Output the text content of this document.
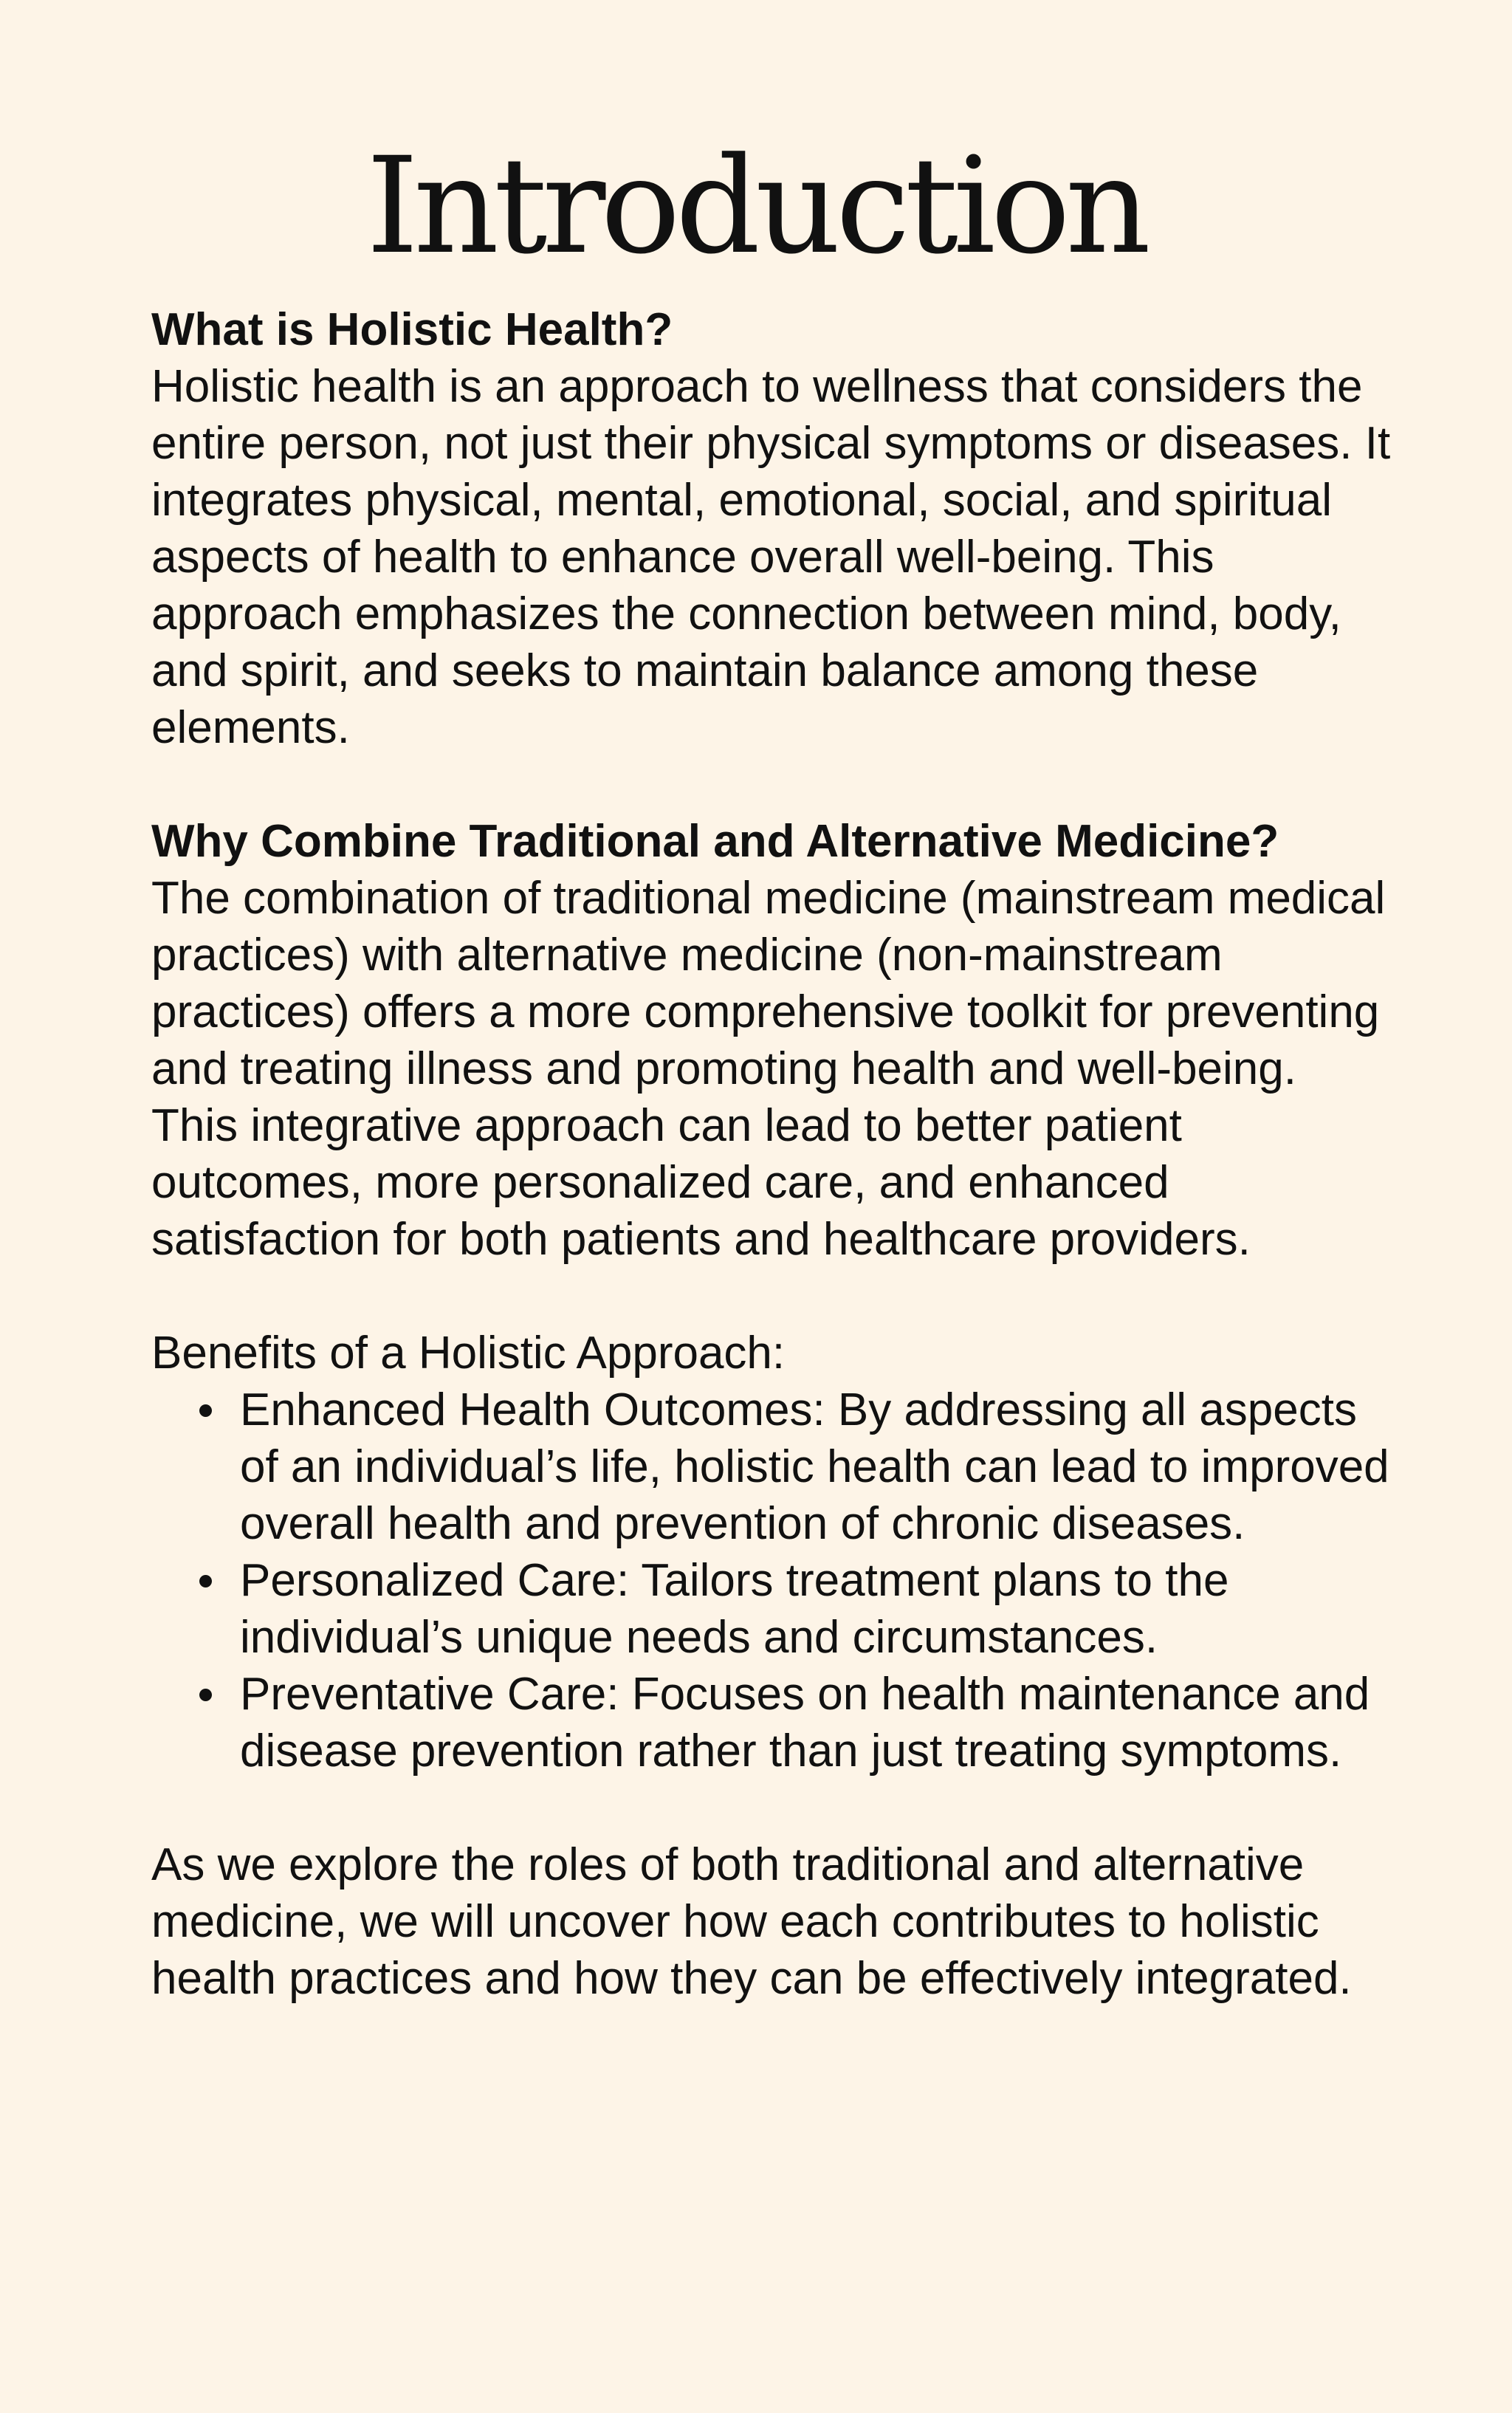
Introduction

What is Holistic Health?

Holistic health is an approach to wellness that considers the entire person, not just their physical symptoms or diseases. It integrates physical, mental, emotional, social, and spiritual aspects of health to enhance overall well-being. This approach emphasizes the connection between mind, body, and spirit, and seeks to maintain balance among these elements.

Why Combine Traditional and Alternative Medicine?

The combination of traditional medicine (mainstream medical practices) with alternative medicine (non-mainstream practices) offers a more comprehensive toolkit for preventing and treating illness and promoting health and well-being. This integrative approach can lead to better patient outcomes, more personalized care, and enhanced satisfaction for both patients and healthcare providers.

Benefits of a Holistic Approach:

Enhanced Health Outcomes: By addressing all aspects of an individual’s life, holistic health can lead to improved overall health and prevention of chronic diseases.
Personalized Care: Tailors treatment plans to the individual’s unique needs and circumstances.
Preventative Care: Focuses on health maintenance and disease prevention rather than just treating symptoms.

As we explore the roles of both traditional and alternative medicine, we will uncover how each contributes to holistic health practices and how they can be effectively integrated.
